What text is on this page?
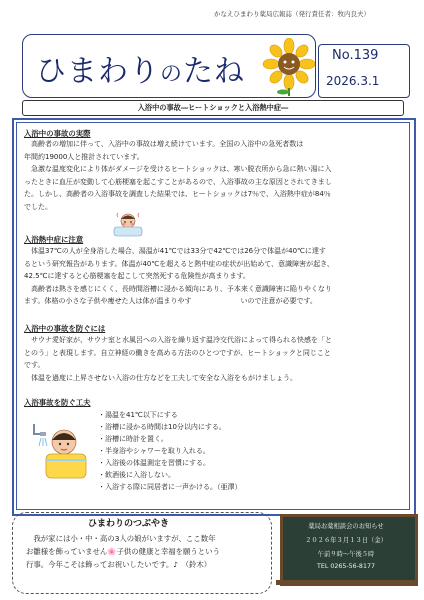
かなえひまわり薬局広報誌（発行責任者：牧内良夫）
ひまわりのたね	No.139
2026.3.1
入浴中の事故―ヒートショックと入浴熱中症―
入浴中の事故の実際
　高齢者の増加に伴って、入浴中の事故は増え続けています。全国の入浴中の急死者数は
年間約19000人と推計されています。
　急激な温度変化により体がダメージを受けるヒートショックは、寒い脱衣所から急に熱い湯に入
ったときに血圧が変動して心筋梗塞を起こすことがあるので、入浴事故の主な原因とされてきまし
た。しかし、高齢者の入浴事故を調査した結果では、ヒートショックは7％で、入浴熱中症が84％
でした。
入浴熱中症に注意
　体温37℃の人が全身浴した場合、湯温が41℃では33分で42℃では26分で体温が40℃に達す
るという研究報告があります。体温が40℃を超えると熱中症の症状が出始めて、意識障害が起き、
42.5℃に達すると心筋梗塞を起こして突然死する危険性が高まります。
　高齢者は熱さを感じにくく、長時間浴槽に浸かる傾向にあり、予本来く意識障害に陥りやくなり
ます。体格の小さな子供や痩せた人は体が温まりやす　　　　　　　いので注意が必要です。
入浴中の事故を防ぐには
　サウナ愛好家が、サウナ室と水風呂への入浴を繰り返す温冷交代浴によって得られる快感を「と
とのう」と表現します。自立神経の働きを高める方法のひとつですが、ヒートショックと同じこと
です。
　体温を過度に上昇させない入浴の仕方などを工夫して安全な入浴をもがけましょう。
入浴事故を防ぐ工夫
・湯温を41℃以下にする
・浴槽に浸かる時間は10分以内にする。
・浴槽に時計を置く。
・半身浴やシャワーを取り入れる。
・入浴後の体温測定を習慣にする。
・飲酒後に入浴しない。
・入浴する際に同居者に一声かける。（亜澤）
ひまわりのつぶやき
　我が家には小・中・高の3人の娘がいますが、ここ数年
お雛様を飾っていません🌸子供の健康と幸福を願うという
行事。今年こそは飾ってお祝いしたいです。♪　（鈴木）
薬局お薬相談会のお知らせ
２０２６年３月１３日（金）
午前９時～午後５時
TEL 0265-56-8177
